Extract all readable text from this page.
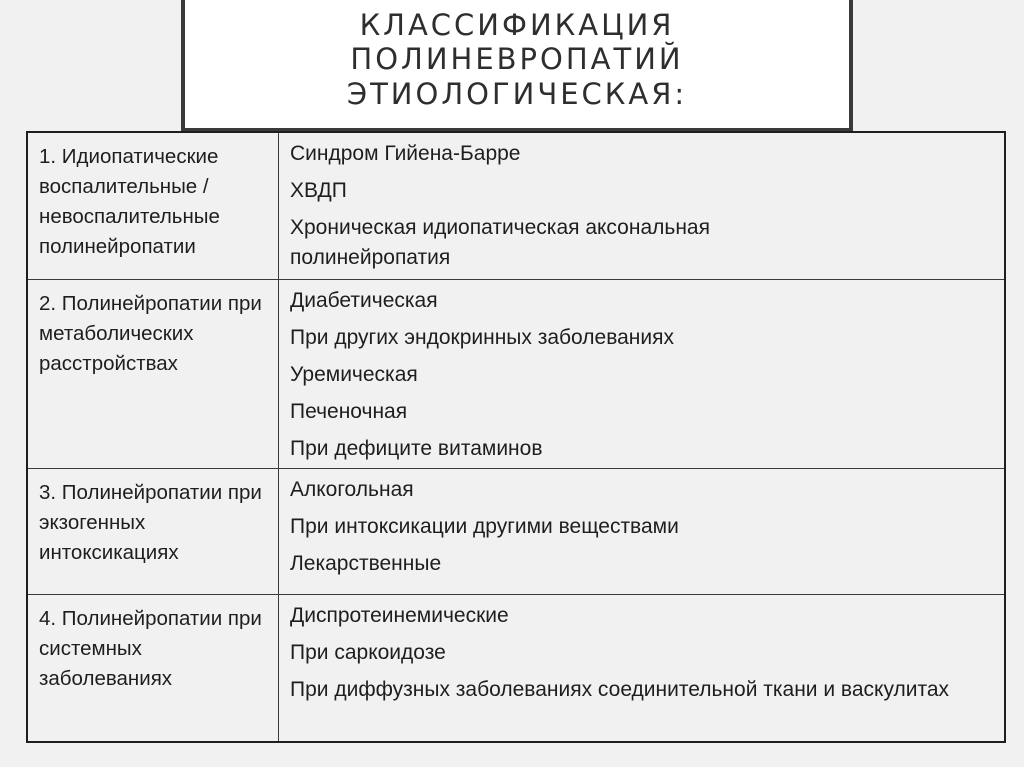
КЛАССИФИКАЦИЯ
ПОЛИНЕВРОПАТИЙ
ЭТИОЛОГИЧЕСКАЯ:
1. Идиопатические воспалительные / невоспалительные полинейропатии
Синдром Гийена-Барре
ХВДП
Хроническая идиопатическая аксональная полинейропатия
2. Полинейропатии при метаболических расстройствах
Диабетическая
При других эндокринных заболеваниях
Уремическая
Печеночная
При дефиците витаминов
3. Полинейропатии при экзогенных интоксикациях
Алкогольная
При интоксикации другими веществами
Лекарственные
4. Полинейропатии при системных заболеваниях
Диспротеинемические
При саркоидозе
При диффузных заболеваниях соединительной ткани и васкулитах
